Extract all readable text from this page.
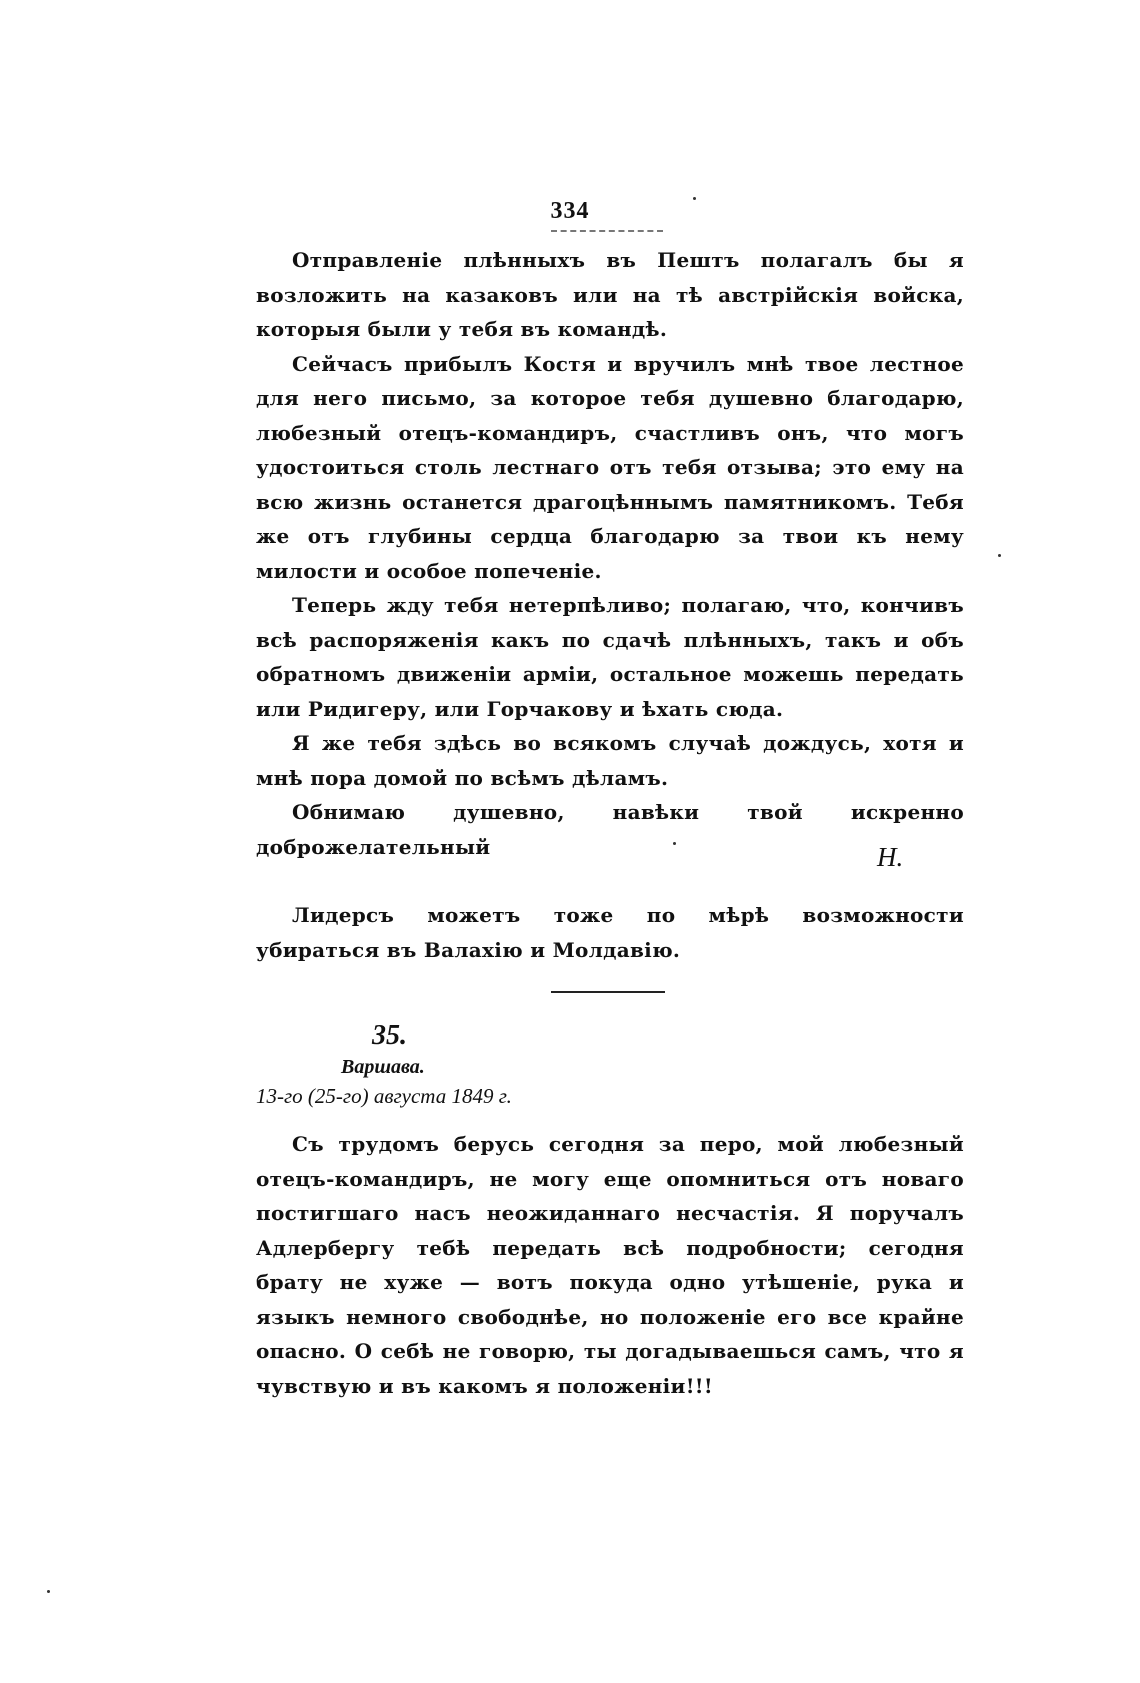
334

Отправленіе плѣнныхъ въ Пештъ полагалъ бы я возложить на казаковъ или на тѣ австрійскія войска, которыя были у тебя въ командѣ.

Сейчасъ прибылъ Костя и вручилъ мнѣ твое лестное для него письмо, за которое тебя душевно благодарю, любезный отецъ-командиръ, счастливъ онъ, что могъ удостоиться столь лестнаго отъ тебя отзыва; это ему на всю жизнь останется драгоцѣннымъ памятникомъ. Тебя же отъ глубины сердца благодарю за твои къ нему милости и особое попеченіе.

Теперь жду тебя нетерпѣливо; полагаю, что, кончивъ всѣ распоряженія какъ по сдачѣ плѣнныхъ, такъ и объ обратномъ движеніи арміи, остальное можешь передать или Ридигеру, или Горчакову и ѣхать сюда.

Я же тебя здѣсь во всякомъ случаѣ дождусь, хотя и мнѣ пора домой по всѣмъ дѣламъ.

Обнимаю душевно, навѣки твой искренно доброжелательный	Н.

Лидерсъ можетъ тоже по мѣрѣ возможности убираться въ Валахію и Молдавію.

35.
Варшава.
13-го (25-го) августа 1849 г.

Съ трудомъ берусь сегодня за перо, мой любезный отецъ-командиръ, не могу еще опомниться отъ новаго постигшаго насъ неожиданнаго несчастія. Я поручалъ Адлербергу тебѣ передать всѣ подробности; сегодня брату не хуже — вотъ покуда одно утѣшеніе, рука и языкъ немного свободнѣе, но положеніе его все крайне опасно. О себѣ не говорю, ты догадываешься самъ, что я чувствую и въ какомъ я положеніи!!!
